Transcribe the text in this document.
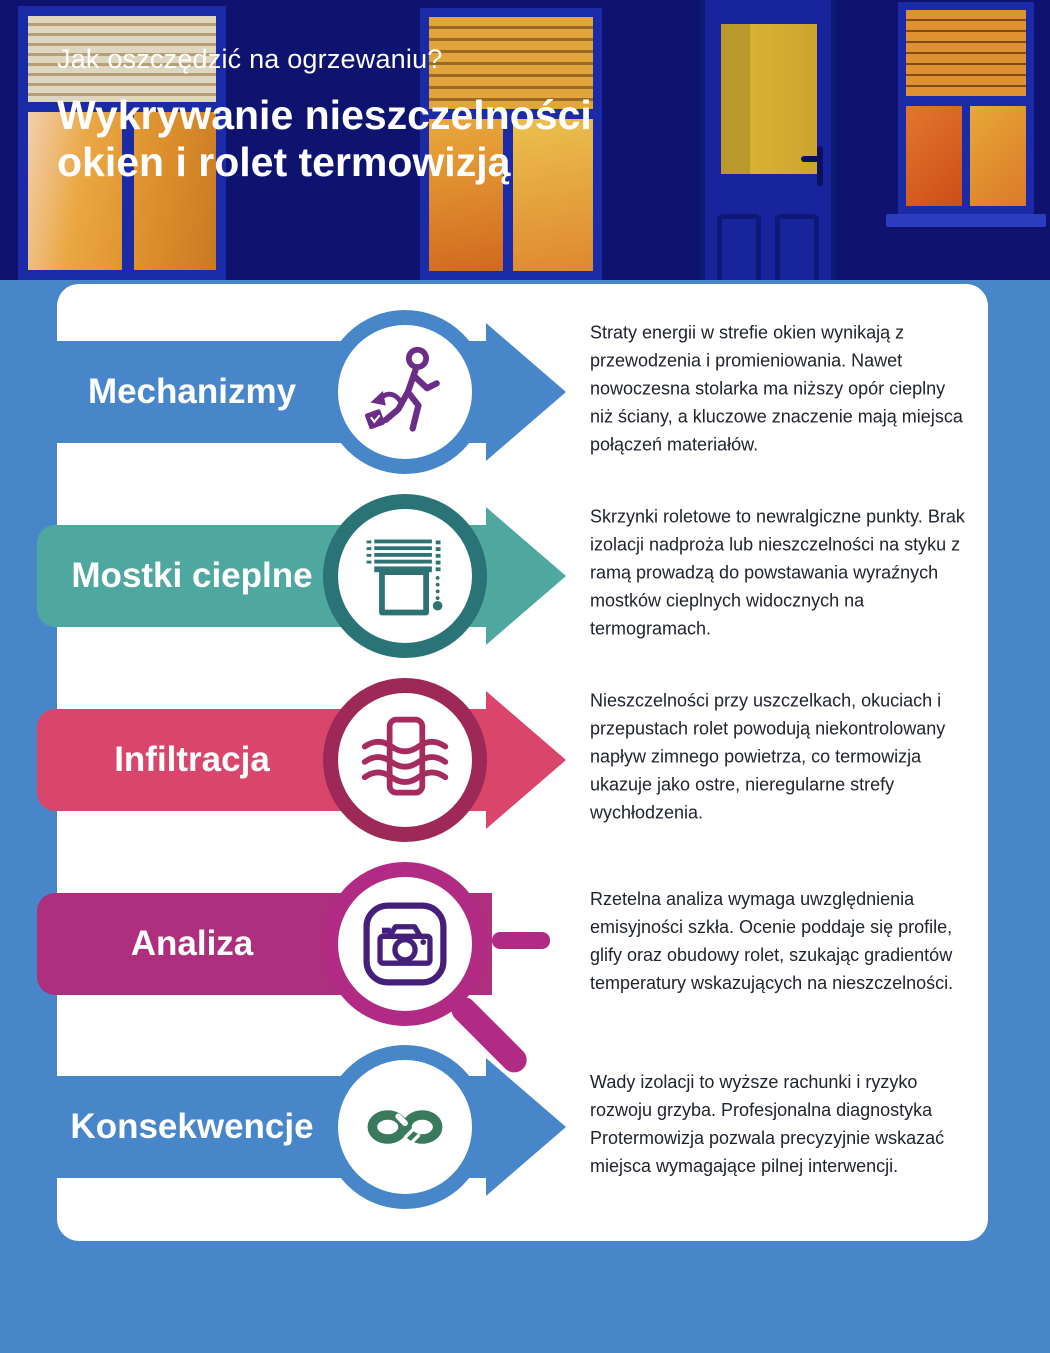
Jak oszczędzić na ogrzewaniu?
Wykrywanie nieszczelności
okien i rolet termowizją
Mechanizmy

Straty energii w strefie okien wynikają z przewodzenia i promieniowania. Nawet nowoczesna stolarka ma niższy opór cieplny niż ściany, a kluczowe znaczenie mają miejsca połączeń materiałów.

Mostki cieplne

Skrzynki roletowe to newralgiczne punkty. Brak izolacji nadproża lub nieszczelności na styku z ramą prowadzą do powstawania wyraźnych mostków cieplnych widocznych na termogramach.

Infiltracja

Nieszczelności przy uszczelkach, okuciach i przepustach rolet powodują niekontrolowany napływ zimnego powietrza, co termowizja ukazuje jako ostre, nieregularne strefy wychłodzenia.

Analiza

Rzetelna analiza wymaga uwzględnienia emisyjności szkła. Ocenie poddaje się profile, glify oraz obudowy rolet, szukając gradientów temperatury wskazujących na nieszczelności.

Konsekwencje

Wady izolacji to wyższe rachunki i ryzyko rozwoju grzyba. Profesjonalna diagnostyka Protermowizja pozwala precyzyjnie wskazać miejsca wymagające pilnej interwencji.
